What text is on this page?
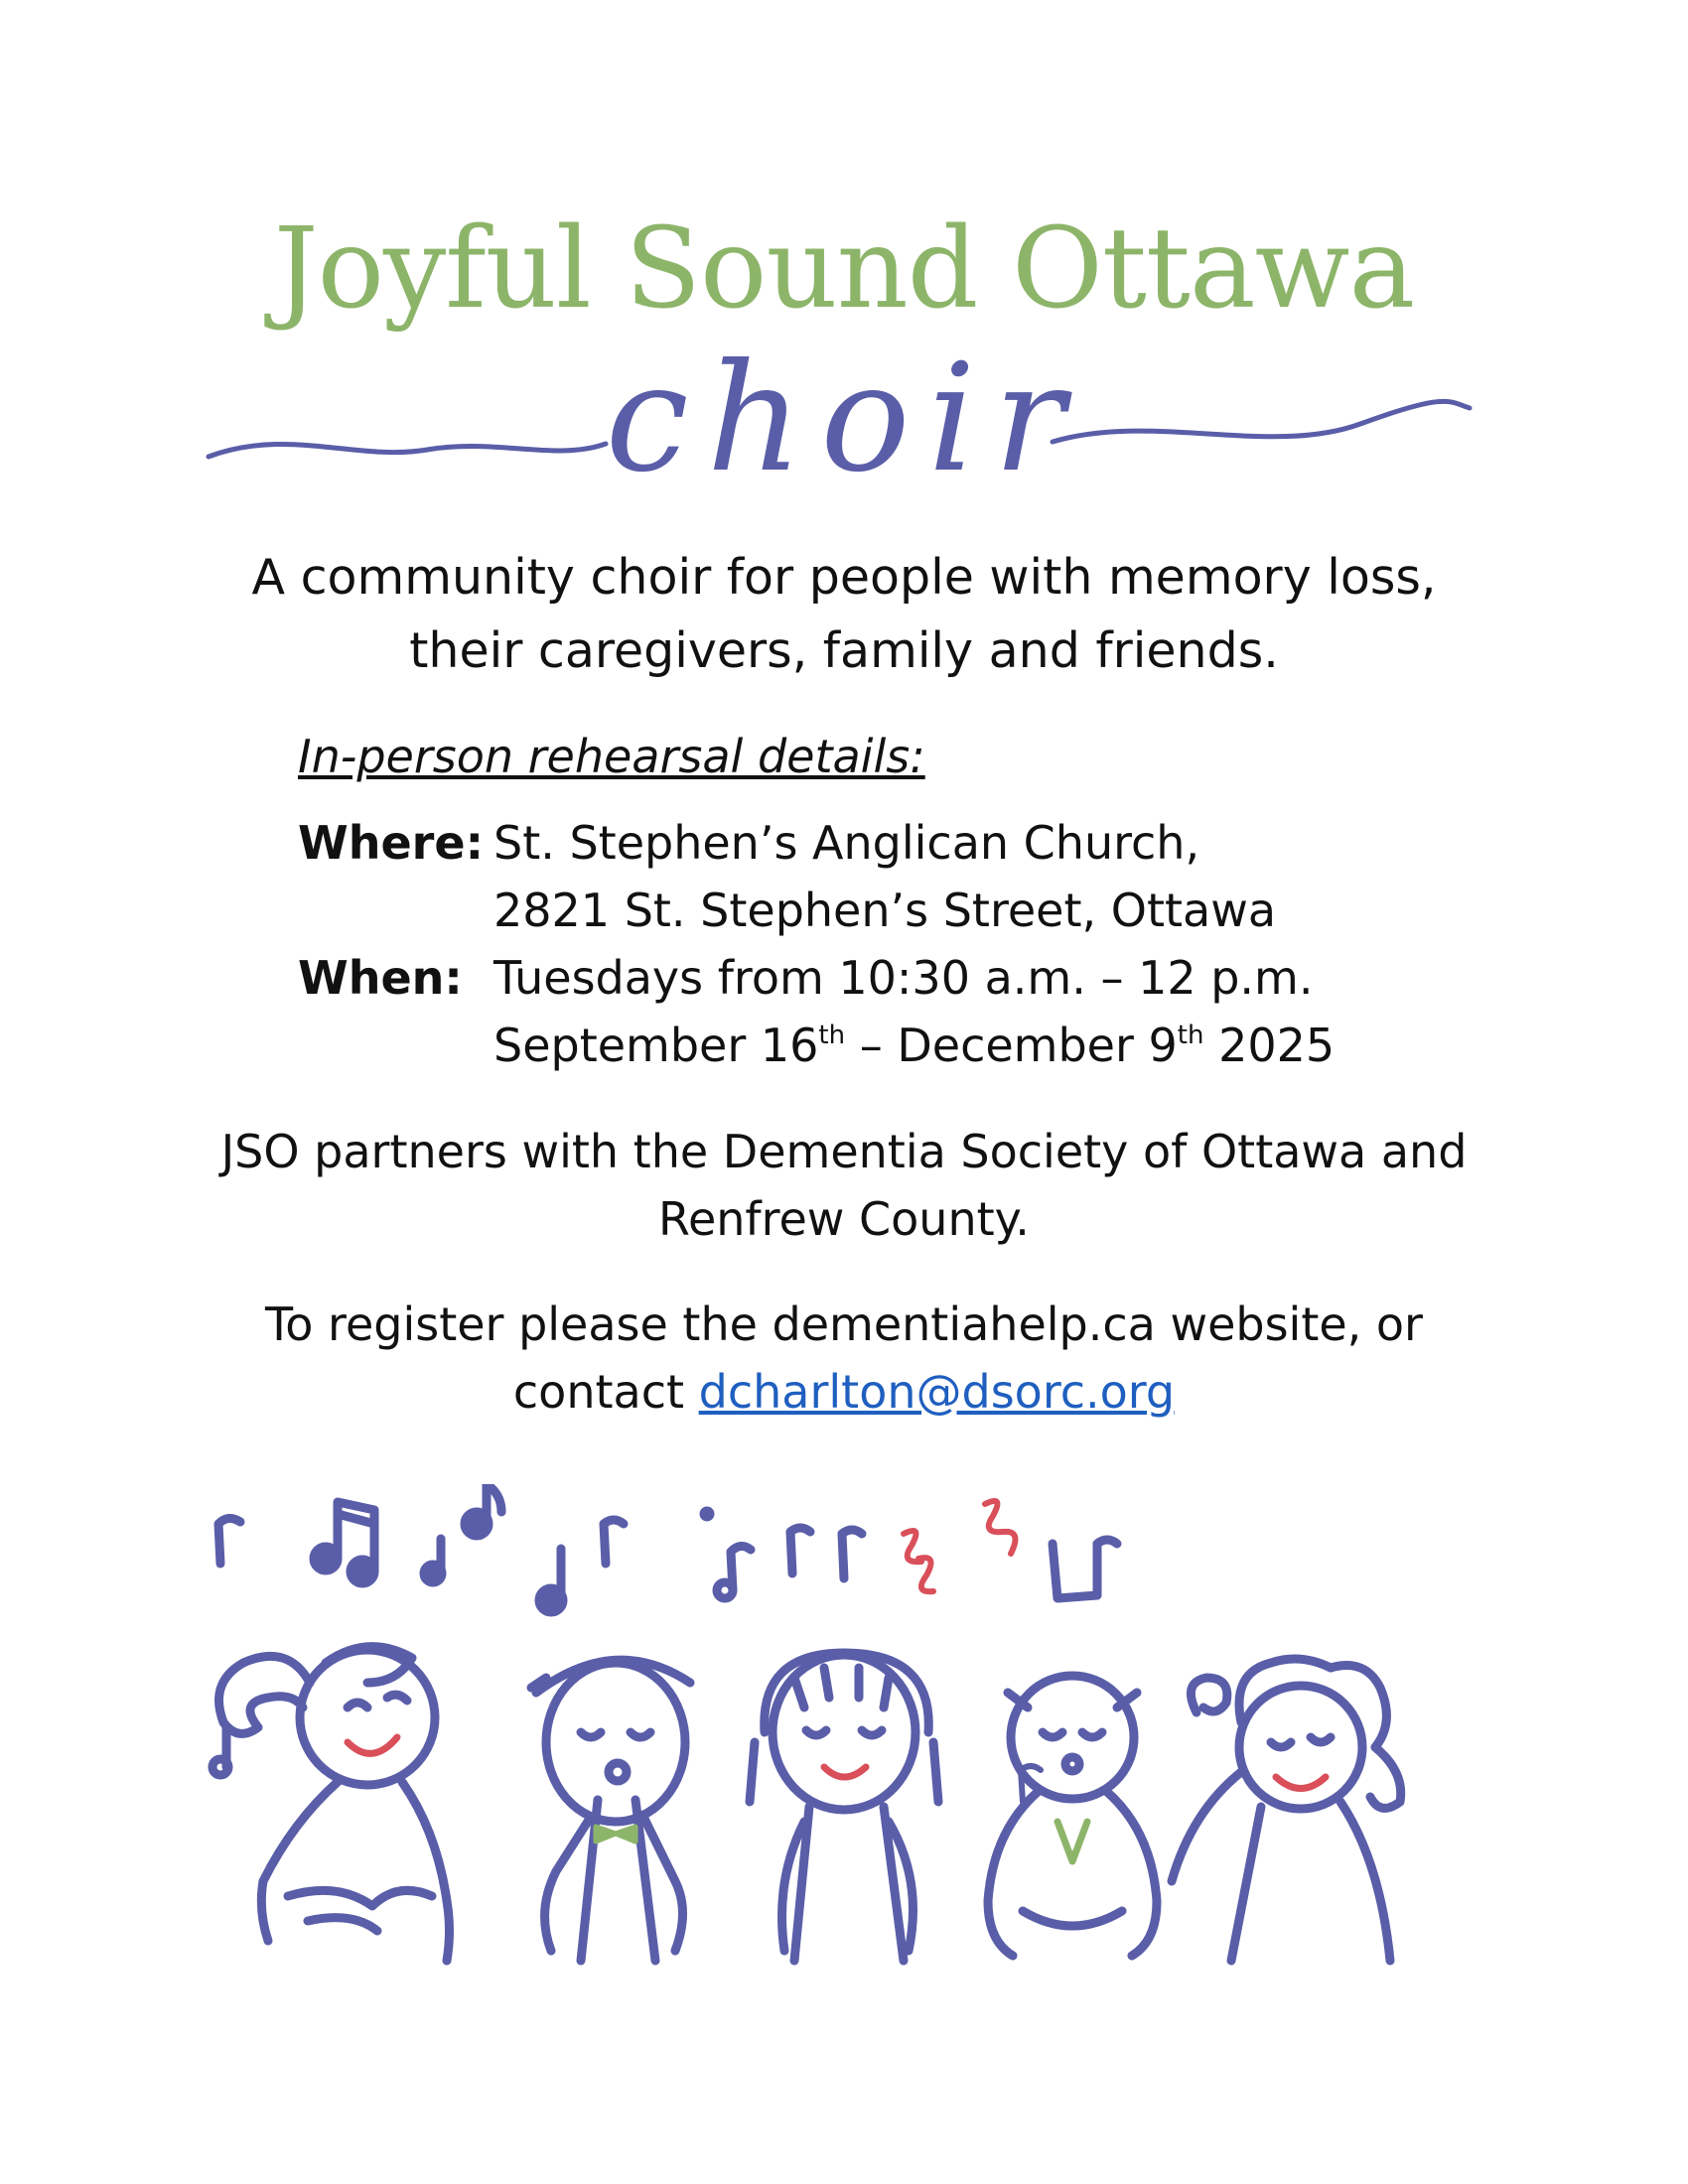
Joyful Sound Ottawa
choir
A community choir for people with memory loss,
their caregivers, family and friends.
In-person rehearsal details:
Where: St. Stephen’s Anglican Church,
2821 St. Stephen’s Street, Ottawa
When: Tuesdays from 10:30 a.m. – 12 p.m.
September 16th – December 9th 2025
JSO partners with the Dementia Society of Ottawa and
Renfrew County.
To register please the dementiahelp.ca website, or
contact dcharlton@dsorc.org
